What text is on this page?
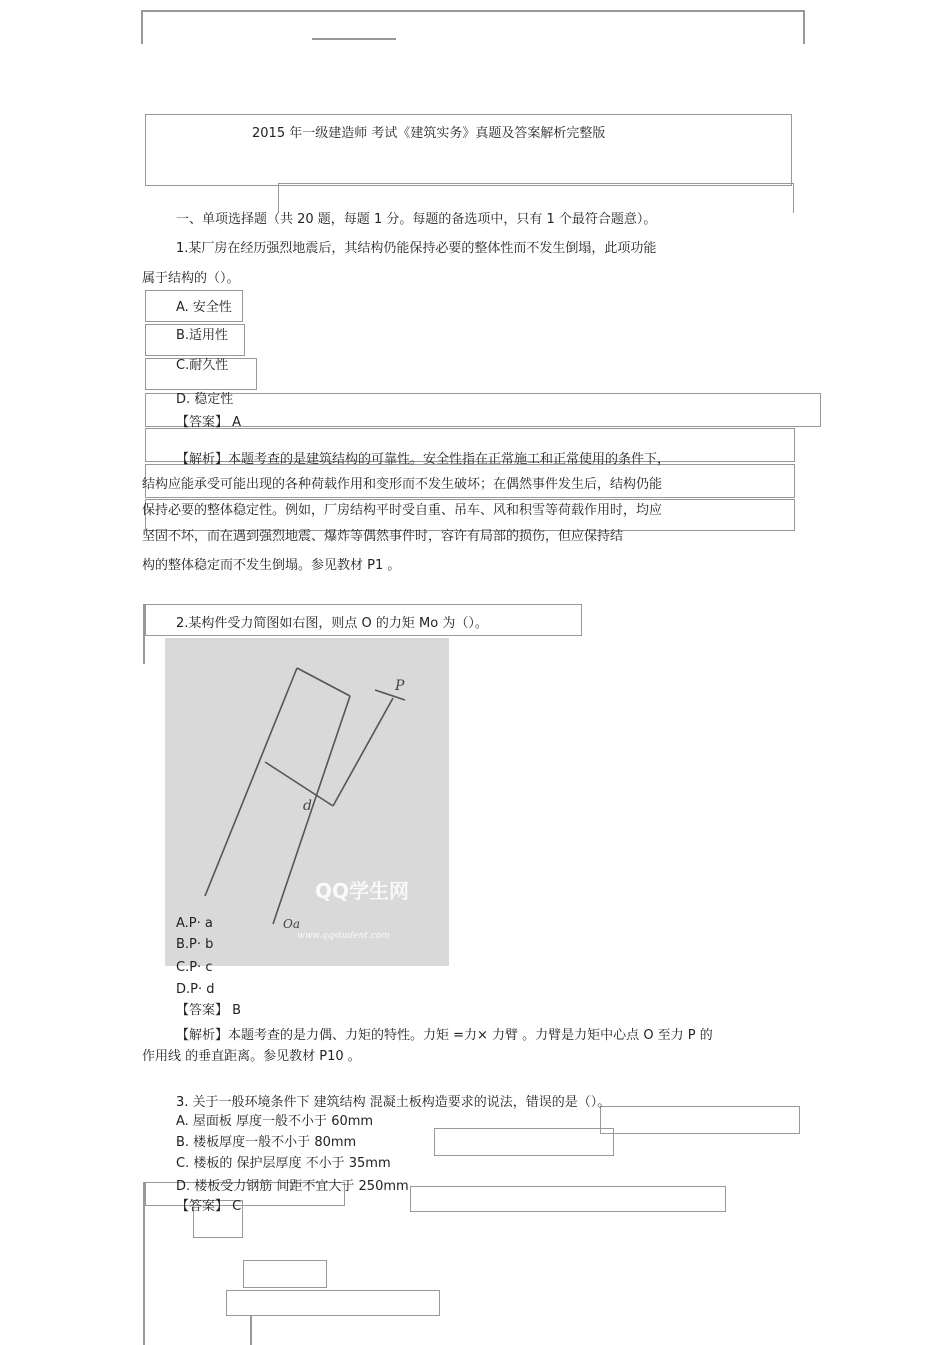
2015 年一级建造师 考试《建筑实务》真题及答案解析完整版
一、单项选择题（共 20 题，每题 1 分。每题的备选项中，只有 1 个最符合题意）。
1.某厂房在经历强烈地震后，其结构仍能保持必要的整体性而不发生倒塌，此项功能
属于结构的（）。
A. 安全性
B.适用性
C.耐久性
D. 稳定性
【答案】 A
【解析】本题考查的是建筑结构的可靠性。安全性指在正常施工和正常使用的条件下，
结构应能承受可能出现的各种荷载作用和变形而不发生破坏；在偶然事件发生后，结构仍能
保持必要的整体稳定性。例如，厂房结构平时受自重、吊车、风和积雪等荷载作用时，均应
坚固不坏，而在遇到强烈地震、爆炸等偶然事件时，容许有局部的损伤，但应保持结
构的整体稳定而不发生倒塌。参见教材 P1 。
2.某构件受力简图如右图，则点 O 的力矩 Mo 为（）。
P
d
Oa
QQ学生网
www.qqstudent.com
A.P· a
B.P· b
C.P· c
D.P· d
【答案】 B
【解析】本题考查的是力偶、力矩的特性。力矩 =力× 力臂 。力臂是力矩中心点 O 至力 P 的
作用线 的垂直距离。参见教材 P10 。
3. 关于一般环境条件下 建筑结构 混凝土板构造要求的说法，错误的是（）。
A. 屋面板 厚度一般不小于 60mm
B. 楼板厚度一般不小于 80mm
C. 楼板的 保护层厚度 不小于 35mm
D. 楼板受力钢筋 间距不宜大于 250mm
【答案】 C
